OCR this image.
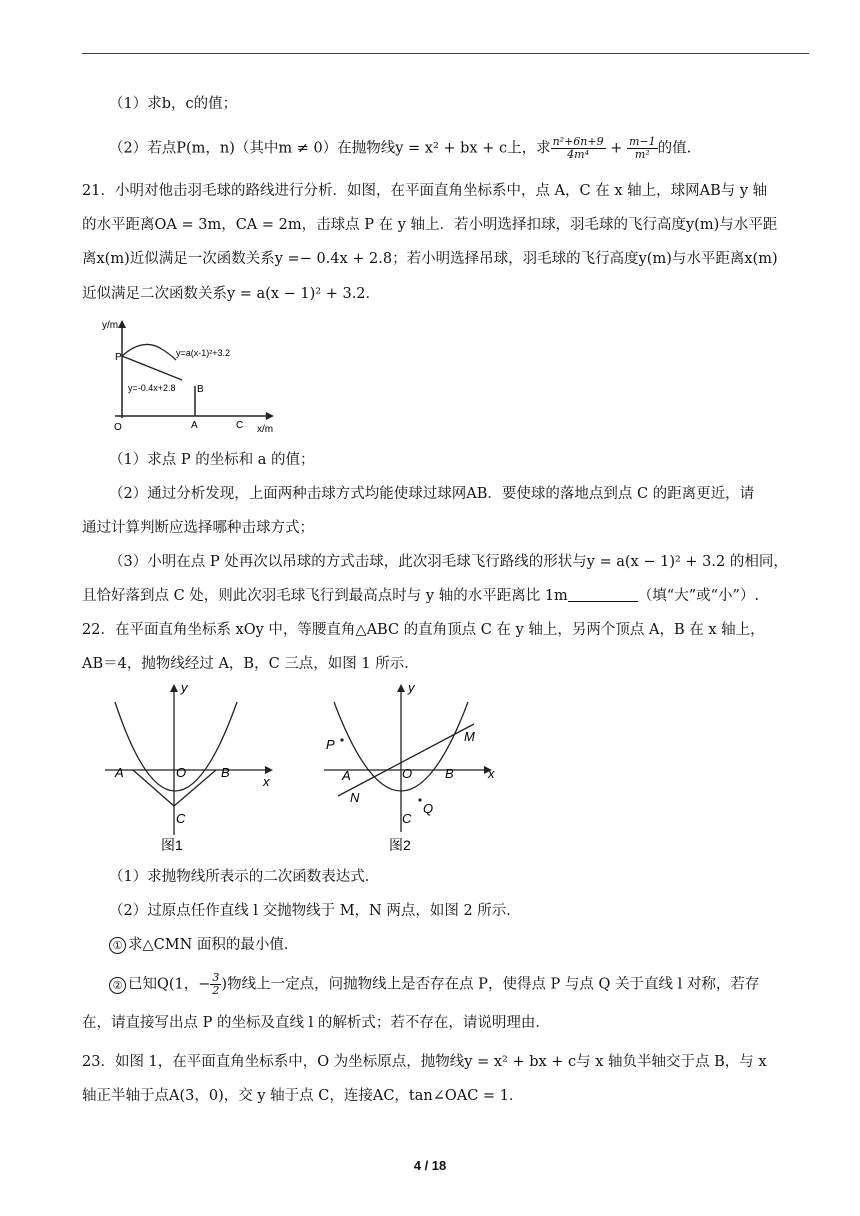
（1）求b，c的值；
（2）若点P(m，n)（其中m ≠ 0）在抛物线y = x² + bx + c上，求 $\frac{\text{n²+6n+9}}{\text{4m⁴}} + \frac{m-1}{\text{m²}}$ 的值.
21．小明对他击羽毛球的路线进行分析．如图，在平面直角坐标系中，点 A，C 在 x 轴上，球网AB与 y 轴
的水平距离OA = 3m，CA = 2m，击球点 P 在 y 轴上．若小明选择扣球，羽毛球的飞行高度y(m)与水平距
离x(m)近似满足一次函数关系y =− 0.4x + 2.8；若小明选择吊球，羽毛球的飞行高度y(m)与水平距离x(m)
近似满足二次函数关系y = a(x − 1)² + 3.2．
y/m
P	y=a(x-1)²+3.2
y=-0.4x+2.8 B
O	A	C x/m
（1）求点 P 的坐标和 a 的值；
（2）通过分析发现，上面两种击球方式均能使球过球网AB．要使球的落地点到点 C 的距离更近，请
通过计算判断应选择哪种击球方式；
（3）小明在点 P 处再次以吊球的方式击球，此次羽毛球飞行路线的形状与y = a(x − 1)² + 3.2 的相同，
且恰好落到点 C 处，则此次羽毛球飞行到最高点时与 y 轴的水平距离比 1m	（填“大”或“小”）.
22．在平面直角坐标系 xOy 中，等腰直角△ABC 的直角顶点 C 在 y 轴上，另两个顶点 A，B 在 x 轴上，
AB＝4，抛物线经过 A，B，C 三点，如图 1 所示．
y
x
A	O	B
C
图1
y
x
P
M
A	O	B
N
C
Q
图2
（1）求抛物线所表示的二次函数表达式．
（2）过原点任作直线 l 交抛物线于 M，N 两点，如图 2 所示．
① 求△CMN 面积的最小值．
② 已知Q(1，− $\frac{3}{2}$ )物线上一定点，问抛物线上是否存在点 P，使得点 P 与点 Q 关于直线 l 对称，若存
在，请直接写出点 P 的坐标及直线 l 的解析式；若不存在，请说明理由．
23．如图 1，在平面直角坐标系中，O 为坐标原点，抛物线y = x² + bx + c与 x 轴负半轴交于点 B，与 x
轴正半轴于点A(3，0)，交 y 轴于点 C，连接AC，tan∠OAC = 1．
4 / 18
